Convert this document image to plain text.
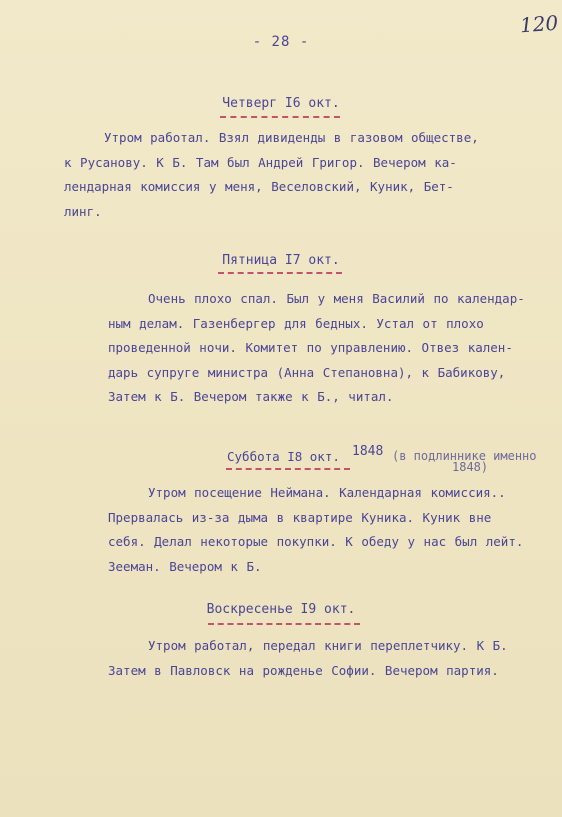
120
- 28 -
Четверг I6 окт.
Утром работал. Взял дивиденды в газовом обществе,
к Русанову. К Б. Там был Андрей Григор. Вечером ка-
лендарная комиссия у меня, Веселовский, Куник, Бет-
линг.
Пятница I7 окт.
Очень плохо спал. Был у меня Василий по календар-
ным делам. Газенбергер для бедных. Устал от плохо
проведенной ночи. Комитет по управлению. Отвез кален-
дарь супруге министра (Анна Степановна), к Бабикову,
Затем к Б. Вечером также к Б., читал.
Суббота I8 окт. 1848 (в подлиннике именно
1848)
Утром посещение Неймана. Календарная комиссия..
Прервалась из-за дыма в квартире Куника. Куник вне
себя. Делал некоторые покупки. К обеду у нас был лейт.
Зееман. Вечером к Б.
Воскресенье I9 окт.
Утром работал, передал книги переплетчику. К Б.
Затем в Павловск на рожденье Софии. Вечером партия.
